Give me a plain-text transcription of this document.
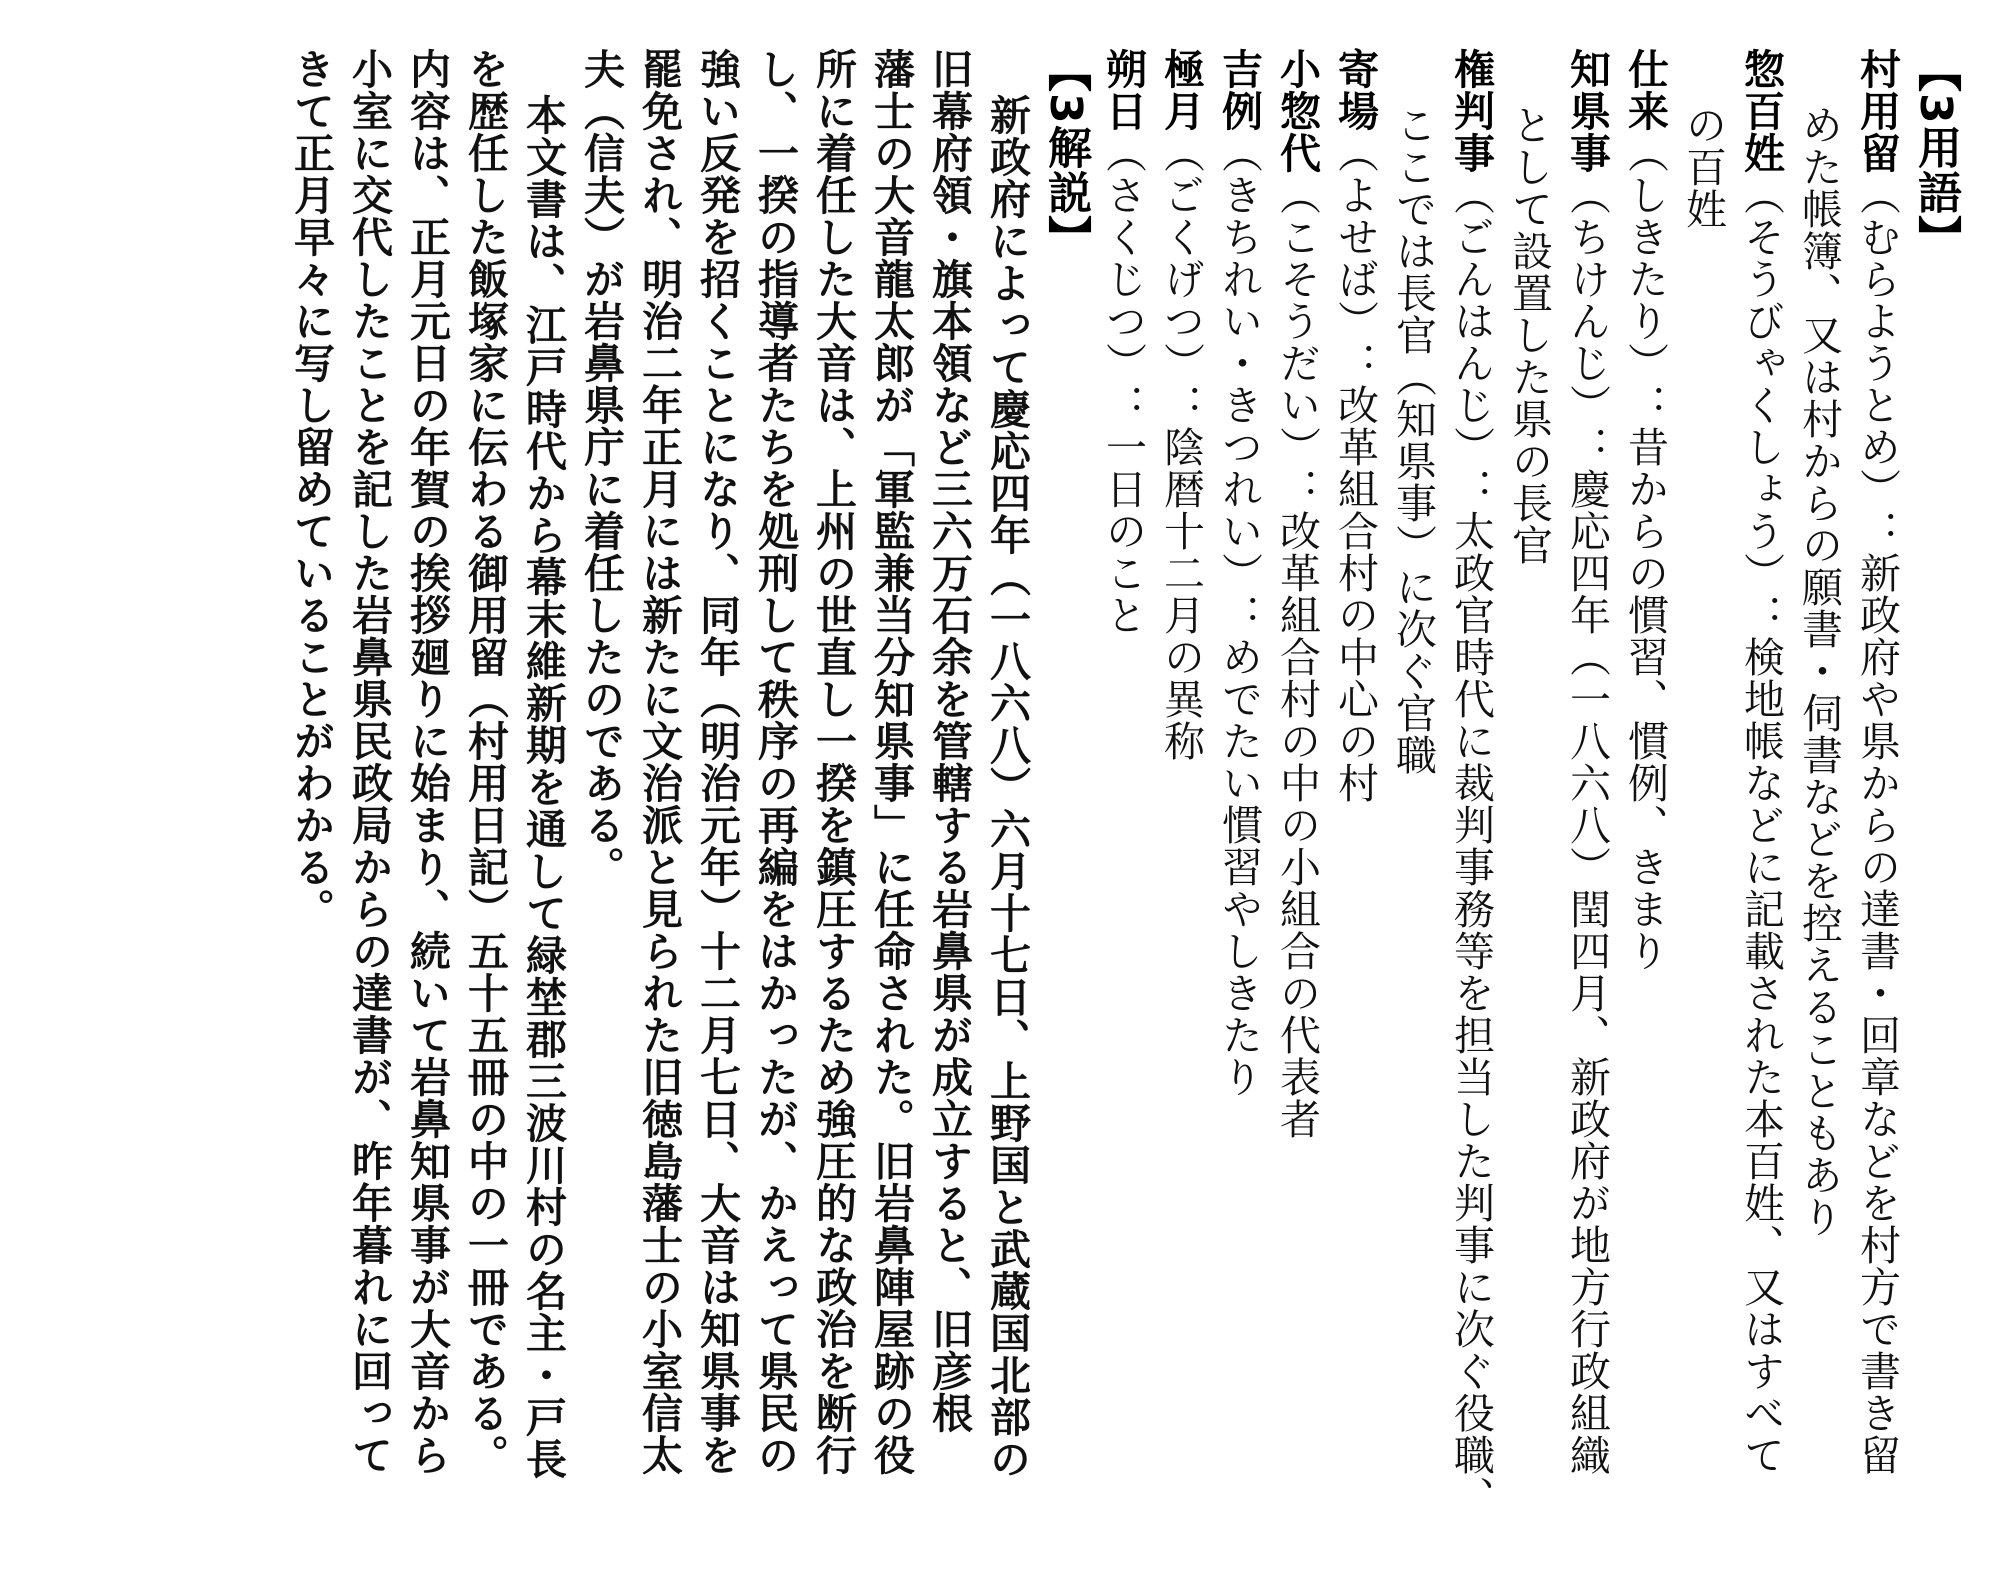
【3用語】
村用留（むらようとめ）：新政府や県からの達書・回章などを村方で書き留
めた帳簿、又は村からの願書・伺書などを控えることもあり
惣百姓（そうびゃくしょう）：検地帳などに記載された本百姓、又はすべて
の百姓
仕来（しきたり）：昔からの慣習、慣例、きまり
知県事（ちけんじ）：慶応四年（一八六八）閏四月、新政府が地方行政組織
として設置した県の長官
権判事（ごんはんじ）：太政官時代に裁判事務等を担当した判事に次ぐ役職、
ここでは長官（知県事）に次ぐ官職
寄場（よせば）：改革組合村の中心の村
小惣代（こそうだい）：改革組合村の中の小組合の代表者
吉例（きちれい・きつれい）：めでたい慣習やしきたり
極月（ごくげつ）：陰暦十二月の異称
朔日（さくじつ）：一日のこと
【3解説】
新政府によって慶応四年（一八六八）六月十七日、上野国と武蔵国北部の
旧幕府領・旗本領など三六万石余を管轄する岩鼻県が成立すると、旧彦根
藩士の大音龍太郎が「軍監兼当分知県事」に任命された。旧岩鼻陣屋跡の役
所に着任した大音は、上州の世直し一揆を鎮圧するため強圧的な政治を断行
し、一揆の指導者たちを処刑して秩序の再編をはかったが、かえって県民の
強い反発を招くことになり、同年（明治元年）十二月七日、大音は知県事を
罷免され、明治二年正月には新たに文治派と見られた旧徳島藩士の小室信太
夫（信夫）が岩鼻県庁に着任したのである。
本文書は、江戸時代から幕末維新期を通して緑埜郡三波川村の名主・戸長
を歴任した飯塚家に伝わる御用留（村用日記）五十五冊の中の一冊である。
内容は、正月元日の年賀の挨拶廻りに始まり、続いて岩鼻知県事が大音から
小室に交代したことを記した岩鼻県民政局からの達書が、昨年暮れに回って
きて正月早々に写し留めていることがわかる。
